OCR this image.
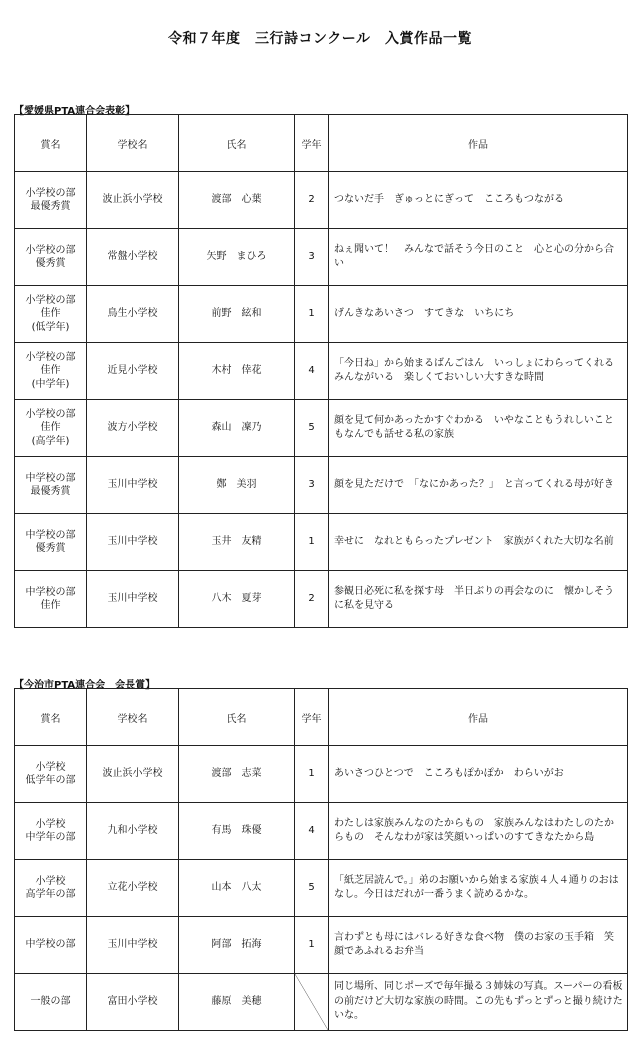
令和７年度　三行詩コンクール　入賞作品一覧
【愛媛県PTA連合会表彰】
賞名	学校名	氏名	学年	作品
小学校の部
最優秀賞	波止浜小学校	渡部　心葉	2	つないだ手　ぎゅっとにぎって　こころもつながる
小学校の部
優秀賞	常盤小学校	矢野　まひろ	3	ねぇ聞いて！　みんなで話そう今日のこと　心と心の分から合い
小学校の部
佳作
(低学年)	鳥生小学校	前野　絃和	1	げんきなあいさつ　すてきな　いちにち
小学校の部
佳作
(中学年)	近見小学校	木村　倖花	4	「今日ね」から始まるばんごはん　いっしょにわらってくれるみんながいる　楽しくておいしい大すきな時間
小学校の部
佳作
(高学年)	波方小学校	森山　凜乃	5	顔を見て何かあったかすぐわかる　いやなこともうれしいこともなんでも話せる私の家族
中学校の部
最優秀賞	玉川中学校	鄭　美羽	3	顔を見ただけで　「なにかあった？」　と言ってくれる母が好き
中学校の部
優秀賞	玉川中学校	玉井　友精	1	幸せに　なれともらったプレゼント　家族がくれた大切な名前
中学校の部
佳作	玉川中学校	八木　夏芽	2	参観日必死に私を探す母　半日ぶりの再会なのに　懐かしそうに私を見守る
【今治市PTA連合会　会長賞】
賞名	学校名	氏名	学年	作品
小学校
低学年の部	波止浜小学校	渡部　志菜	1	あいさつひとつで　こころもぽかぽか　わらいがお
小学校
中学年の部	九和小学校	有馬　珠優	4	わたしは家族みんなのたからもの　家族みんなはわたしのたからもの　そんなわが家は笑顔いっぱいのすてきなたから島
小学校
高学年の部	立花小学校	山本　八太	5	「紙芝居読んで。」弟のお願いから始まる家族４人４通りのおはなし。今日はだれが一番うまく読めるかな。
中学校の部	玉川中学校	阿部　拓海	1	言わずとも母にはバレる好きな食べ物　僕のお家の玉手箱　笑顔であふれるお弁当
一般の部	富田小学校	藤原　美穂		同じ場所、同じポーズで毎年撮る３姉妹の写真。スーパーの看板の前だけど大切な家族の時間。この先もずっとずっと撮り続けたいな。
